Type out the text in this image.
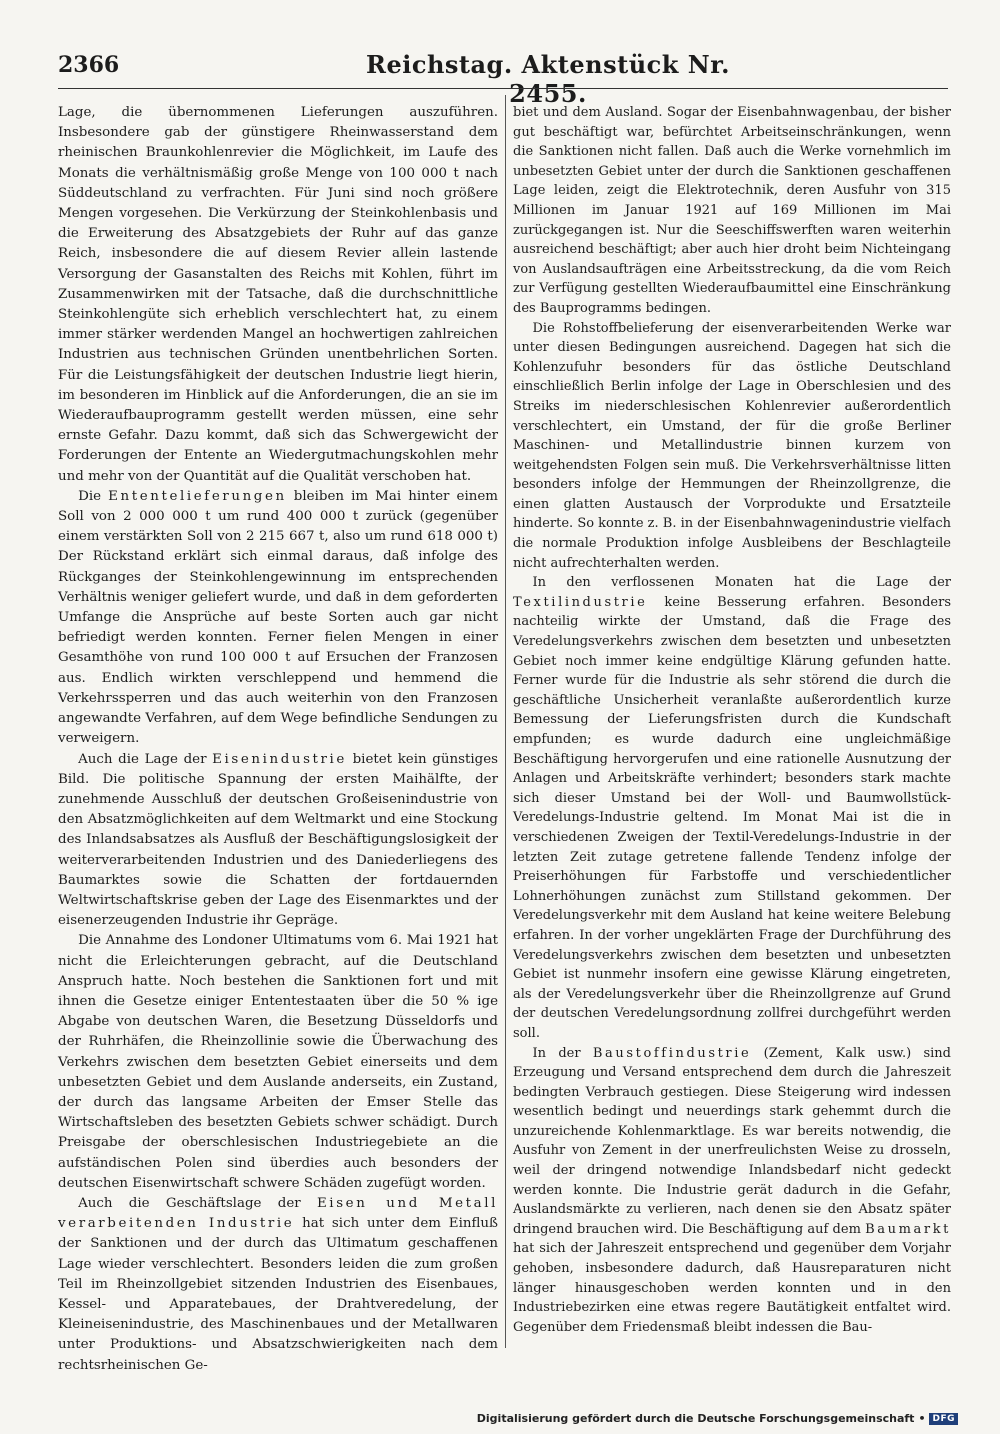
2366	Reichstag. Aktenstück Nr. 2455.

Lage, die übernommenen Lieferungen auszuführen. Insbesondere gab der günstigere Rheinwasserstand dem rheinischen Braunkohlenrevier die Möglichkeit, im Laufe des Monats die verhältnismäßig große Menge von 100 000 t nach Süddeutschland zu verfrachten. Für Juni sind noch größere Mengen vorgesehen. Die Verkürzung der Steinkohlenbasis und die Erweiterung des Absatzgebiets der Ruhr auf das ganze Reich, insbesondere die auf diesem Revier allein lastende Versorgung der Gasanstalten des Reichs mit Kohlen, führt im Zusammenwirken mit der Tatsache, daß die durchschnittliche Steinkohlengüte sich erheblich verschlechtert hat, zu einem immer stärker werdenden Mangel an hochwertigen zahlreichen Industrien aus technischen Gründen unentbehrlichen Sorten. Für die Leistungsfähigkeit der deutschen Industrie liegt hierin, im besonderen im Hinblick auf die Anforderungen, die an sie im Wiederaufbauprogramm gestellt werden müssen, eine sehr ernste Gefahr. Dazu kommt, daß sich das Schwergewicht der Forderungen der Entente an Wiedergutmachungskohlen mehr und mehr von der Quantität auf die Qualität verschoben hat.

Die Ententelieferungen bleiben im Mai hinter einem Soll von 2 000 000 t um rund 400 000 t zurück (gegenüber einem verstärkten Soll von 2 215 667 t, also um rund 618 000 t) Der Rückstand erklärt sich einmal daraus, daß infolge des Rückganges der Steinkohlengewinnung im entsprechenden Verhältnis weniger geliefert wurde, und daß in dem geforderten Umfange die Ansprüche auf beste Sorten auch gar nicht befriedigt werden konnten. Ferner fielen Mengen in einer Gesamthöhe von rund 100 000 t auf Ersuchen der Franzosen aus. Endlich wirkten verschleppend und hemmend die Verkehrssperren und das auch weiterhin von den Franzosen angewandte Verfahren, auf dem Wege befindliche Sendungen zu verweigern.

Auch die Lage der Eisenindustrie bietet kein günstiges Bild. Die politische Spannung der ersten Maihälfte, der zunehmende Ausschluß der deutschen Großeisenindustrie von den Absatzmöglichkeiten auf dem Weltmarkt und eine Stockung des Inlandsabsatzes als Ausfluß der Beschäftigungslosigkeit der weiterverarbeitenden Industrien und des Daniederliegens des Baumarktes sowie die Schatten der fortdauernden Weltwirtschaftskrise geben der Lage des Eisenmarktes und der eisenerzeugenden Industrie ihr Gepräge.

Die Annahme des Londoner Ultimatums vom 6. Mai 1921 hat nicht die Erleichterungen gebracht, auf die Deutschland Anspruch hatte. Noch bestehen die Sanktionen fort und mit ihnen die Gesetze einiger Ententestaaten über die 50 % ige Abgabe von deutschen Waren, die Besetzung Düsseldorfs und der Ruhrhäfen, die Rheinzollinie sowie die Überwachung des Verkehrs zwischen dem besetzten Gebiet einerseits und dem unbesetzten Gebiet und dem Auslande anderseits, ein Zustand, der durch das langsame Arbeiten der Emser Stelle das Wirtschaftsleben des besetzten Gebiets schwer schädigt. Durch Preisgabe der oberschlesischen Industriegebiete an die aufständischen Polen sind überdies auch besonders der deutschen Eisenwirtschaft schwere Schäden zugefügt worden.

Auch die Geschäftslage der Eisen und Metall verarbeitenden Industrie hat sich unter dem Einfluß der Sanktionen und der durch das Ultimatum geschaffenen Lage wieder verschlechtert. Besonders leiden die zum großen Teil im Rheinzollgebiet sitzenden Industrien des Eisenbaues, Kessel- und Apparatebaues, der Drahtveredelung, der Kleineisenindustrie, des Maschinenbaues und der Metallwaren unter Produktions- und Absatzschwierigkeiten nach dem rechtsrheinischen Ge-

biet und dem Ausland. Sogar der Eisenbahnwagenbau, der bisher gut beschäftigt war, befürchtet Arbeitseinschränkungen, wenn die Sanktionen nicht fallen. Daß auch die Werke vornehmlich im unbesetzten Gebiet unter der durch die Sanktionen geschaffenen Lage leiden, zeigt die Elektrotechnik, deren Ausfuhr von 315 Millionen im Januar 1921 auf 169 Millionen im Mai zurückgegangen ist. Nur die Seeschiffswerften waren weiterhin ausreichend beschäftigt; aber auch hier droht beim Nichteingang von Auslandsaufträgen eine Arbeitsstreckung, da die vom Reich zur Verfügung gestellten Wiederaufbaumittel eine Einschränkung des Bauprogramms bedingen.

Die Rohstoffbelieferung der eisenverarbeitenden Werke war unter diesen Bedingungen ausreichend. Dagegen hat sich die Kohlenzufuhr besonders für das östliche Deutschland einschließlich Berlin infolge der Lage in Oberschlesien und des Streiks im niederschlesischen Kohlenrevier außerordentlich verschlechtert, ein Umstand, der für die große Berliner Maschinen- und Metallindustrie binnen kurzem von weitgehendsten Folgen sein muß. Die Verkehrsverhältnisse litten besonders infolge der Hemmungen der Rheinzollgrenze, die einen glatten Austausch der Vorprodukte und Ersatzteile hinderte. So konnte z. B. in der Eisenbahnwagenindustrie vielfach die normale Produktion infolge Ausbleibens der Beschlagteile nicht aufrechterhalten werden.

In den verflossenen Monaten hat die Lage der Textilindustrie keine Besserung erfahren. Besonders nachteilig wirkte der Umstand, daß die Frage des Veredelungsverkehrs zwischen dem besetzten und unbesetzten Gebiet noch immer keine endgültige Klärung gefunden hatte. Ferner wurde für die Industrie als sehr störend die durch die geschäftliche Unsicherheit veranlaßte außerordentlich kurze Bemessung der Lieferungsfristen durch die Kundschaft empfunden; es wurde dadurch eine ungleichmäßige Beschäftigung hervorgerufen und eine rationelle Ausnutzung der Anlagen und Arbeitskräfte verhindert; besonders stark machte sich dieser Umstand bei der Woll- und Baumwollstück-Veredelungs-Industrie geltend. Im Monat Mai ist die in verschiedenen Zweigen der Textil-Veredelungs-Industrie in der letzten Zeit zutage getretene fallende Tendenz infolge der Preiserhöhungen für Farbstoffe und verschiedentlicher Lohnerhöhungen zunächst zum Stillstand gekommen. Der Veredelungsverkehr mit dem Ausland hat keine weitere Belebung erfahren. In der vorher ungeklärten Frage der Durchführung des Veredelungsverkehrs zwischen dem besetzten und unbesetzten Gebiet ist nunmehr insofern eine gewisse Klärung eingetreten, als der Veredelungsverkehr über die Rheinzollgrenze auf Grund der deutschen Veredelungsordnung zollfrei durchgeführt werden soll.

In der Baustoffindustrie (Zement, Kalk usw.) sind Erzeugung und Versand entsprechend dem durch die Jahreszeit bedingten Verbrauch gestiegen. Diese Steigerung wird indessen wesentlich bedingt und neuerdings stark gehemmt durch die unzureichende Kohlenmarktlage. Es war bereits notwendig, die Ausfuhr von Zement in der unerfreulichsten Weise zu drosseln, weil der dringend notwendige Inlandsbedarf nicht gedeckt werden konnte. Die Industrie gerät dadurch in die Gefahr, Auslandsmärkte zu verlieren, nach denen sie den Absatz später dringend brauchen wird. Die Beschäftigung auf dem Baumarkt hat sich der Jahreszeit entsprechend und gegenüber dem Vorjahr gehoben, insbesondere dadurch, daß Hausreparaturen nicht länger hinausgeschoben werden konnten und in den Industriebezirken eine etwas regere Bautätigkeit entfaltet wird. Gegenüber dem Friedensmaß bleibt indessen die Bau-

Digitalisierung gefördert durch die Deutsche Forschungsgemeinschaft • DFG
